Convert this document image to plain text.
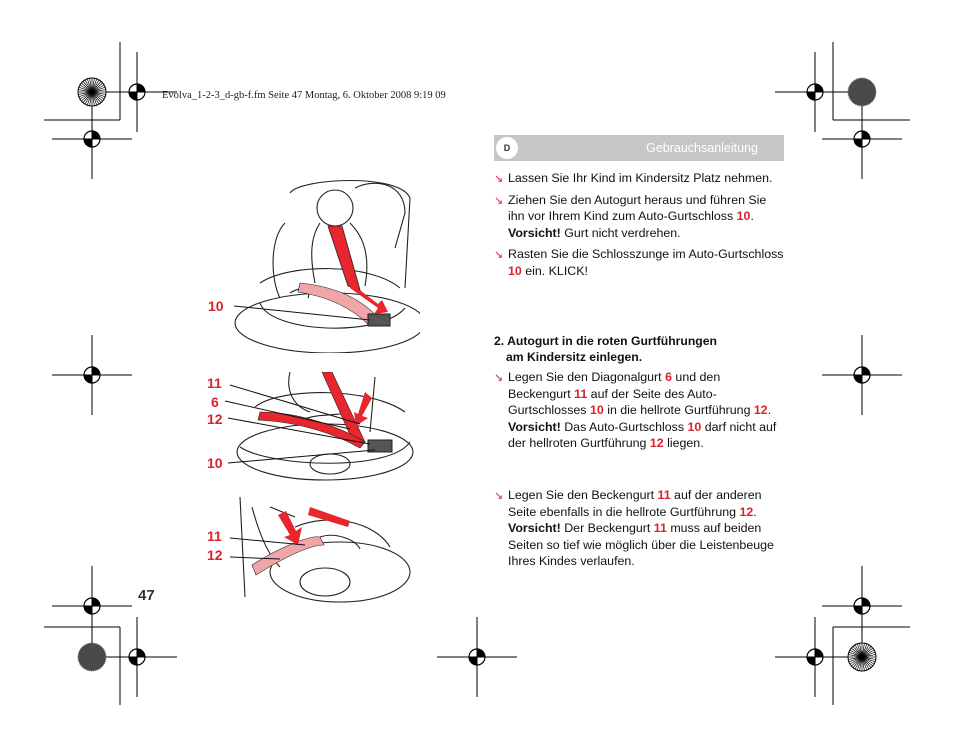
Evolva_1-2-3_d-gb-f.fm Seite 47 Montag, 6. Oktober 2008 9:19 09
Gebrauchsanleitung
D

↘ Lassen Sie Ihr Kind im Kindersitz Platz nehmen.

↘ Ziehen Sie den Autogurt heraus und führen Sie ihn vor Ihrem Kind zum Auto-Gurtschloss 10.
Vorsicht! Gurt nicht verdrehen.

↘ Rasten Sie die Schlosszunge im Auto-Gurtschloss 10 ein. KLICK!

2. Autogurt in die roten Gurtführungen
am Kindersitz einlegen.

↘ Legen Sie den Diagonalgurt 6 und den Beckengurt 11 auf der Seite des Auto-Gurtschlosses 10 in die hellrote Gurtführung 12.
Vorsicht! Das Auto-Gurtschloss 10 darf nicht auf der hellroten Gurtführung 12 liegen.

↘ Legen Sie den Beckengurt 11 auf der anderen Seite ebenfalls in die hellrote Gurtführung 12.
Vorsicht! Der Beckengurt 11 muss auf beiden Seiten so tief wie möglich über die Leistenbeuge Ihres Kindes verlaufen.

47
10
11
6
12
10
11
12
